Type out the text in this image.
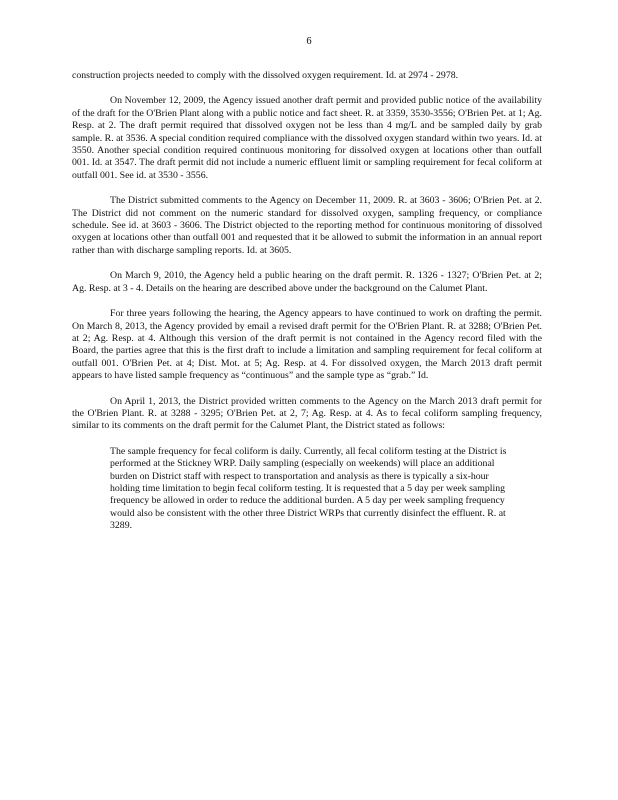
6

construction projects needed to comply with the dissolved oxygen requirement. Id. at 2974 - 2978.

On November 12, 2009, the Agency issued another draft permit and provided public notice of the availability of the draft for the O'Brien Plant along with a public notice and fact sheet. R. at 3359, 3530-3556; O'Brien Pet. at 1; Ag. Resp. at 2. The draft permit required that dissolved oxygen not be less than 4 mg/L and be sampled daily by grab sample. R. at 3536. A special condition required compliance with the dissolved oxygen standard within two years. Id. at 3550. Another special condition required continuous monitoring for dissolved oxygen at locations other than outfall 001. Id. at 3547. The draft permit did not include a numeric effluent limit or sampling requirement for fecal coliform at outfall 001. See id. at 3530 - 3556.

The District submitted comments to the Agency on December 11, 2009. R. at 3603 - 3606; O'Brien Pet. at 2. The District did not comment on the numeric standard for dissolved oxygen, sampling frequency, or compliance schedule. See id. at 3603 - 3606. The District objected to the reporting method for continuous monitoring of dissolved oxygen at locations other than outfall 001 and requested that it be allowed to submit the information in an annual report rather than with discharge sampling reports. Id. at 3605.

On March 9, 2010, the Agency held a public hearing on the draft permit. R. 1326 - 1327; O'Brien Pet. at 2; Ag. Resp. at 3 - 4. Details on the hearing are described above under the background on the Calumet Plant.

For three years following the hearing, the Agency appears to have continued to work on drafting the permit. On March 8, 2013, the Agency provided by email a revised draft permit for the O'Brien Plant. R. at 3288; O'Brien Pet. at 2; Ag. Resp. at 4. Although this version of the draft permit is not contained in the Agency record filed with the Board, the parties agree that this is the first draft to include a limitation and sampling requirement for fecal coliform at outfall 001. O'Brien Pet. at 4; Dist. Mot. at 5; Ag. Resp. at 4. For dissolved oxygen, the March 2013 draft permit appears to have listed sample frequency as “continuous” and the sample type as “grab.” Id.

On April 1, 2013, the District provided written comments to the Agency on the March 2013 draft permit for the O'Brien Plant. R. at 3288 - 3295; O'Brien Pet. at 2, 7; Ag. Resp. at 4. As to fecal coliform sampling frequency, similar to its comments on the draft permit for the Calumet Plant, the District stated as follows:

The sample frequency for fecal coliform is daily. Currently, all fecal coliform testing at the District is performed at the Stickney WRP. Daily sampling (especially on weekends) will place an additional burden on District staff with respect to transportation and analysis as there is typically a six-hour holding time limitation to begin fecal coliform testing. It is requested that a 5 day per week sampling frequency be allowed in order to reduce the additional burden. A 5 day per week sampling frequency would also be consistent with the other three District WRPs that currently disinfect the effluent. R. at 3289.
